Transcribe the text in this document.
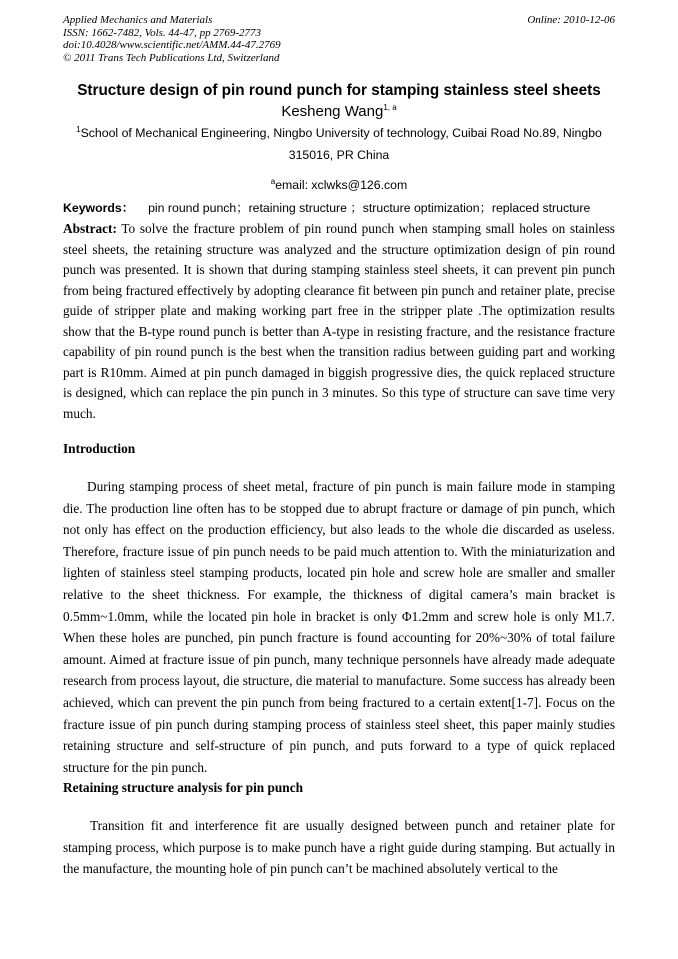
Applied Mechanics and Materials
ISSN: 1662-7482, Vols. 44-47, pp 2769-2773
doi:10.4028/www.scientific.net/AMM.44-47.2769
© 2011 Trans Tech Publications Ltd, Switzerland
Online: 2010-12-06
Structure design of pin round punch for stamping stainless steel sheets
Kesheng Wang$^{1, a}$
$^1$School of Mechanical Engineering, Ningbo University of technology, Cuibai Road No.89, Ningbo 315016, PR China
$^a$email: xclwks@126.com
Keywords： pin round punch；retaining structure ；structure optimization；replaced structure
Abstract: To solve the fracture problem of pin round punch when stamping small holes on stainless steel sheets, the retaining structure was analyzed and the structure optimization design of pin round punch was presented. It is shown that during stamping stainless steel sheets, it can prevent pin punch from being fractured effectively by adopting clearance fit between pin punch and retainer plate, precise guide of stripper plate and making working part free in the stripper plate .The optimization results show that the B-type round punch is better than A-type in resisting fracture, and the resistance fracture capability of pin round punch is the best when the transition radius between guiding part and working part is R10mm. Aimed at pin punch damaged in biggish progressive dies, the quick replaced structure is designed, which can replace the pin punch in 3 minutes. So this type of structure can save time very much.
Introduction
During stamping process of sheet metal, fracture of pin punch is main failure mode in stamping die. The production line often has to be stopped due to abrupt fracture or damage of pin punch, which not only has effect on the production efficiency, but also leads to the whole die discarded as useless. Therefore, fracture issue of pin punch needs to be paid much attention to. With the miniaturization and lighten of stainless steel stamping products, located pin hole and screw hole are smaller and smaller relative to the sheet thickness. For example, the thickness of digital camera’s main bracket is 0.5mm~1.0mm, while the located pin hole in bracket is only Φ1.2mm and screw hole is only M1.7. When these holes are punched, pin punch fracture is found accounting for 20%~30% of total failure amount. Aimed at fracture issue of pin punch, many technique personnels have already made adequate research from process layout, die structure, die material to manufacture. Some success has already been achieved, which can prevent the pin punch from being fractured to a certain extent[1-7]. Focus on the fracture issue of pin punch during stamping process of stainless steel sheet, this paper mainly studies retaining structure and self-structure of pin punch, and puts forward to a type of quick replaced structure for the pin punch.
Retaining structure analysis for pin punch
Transition fit and interference fit are usually designed between punch and retainer plate for stamping process, which purpose is to make punch have a right guide during stamping. But actually in the manufacture, the mounting hole of pin punch can’t be machined absolutely vertical to the
